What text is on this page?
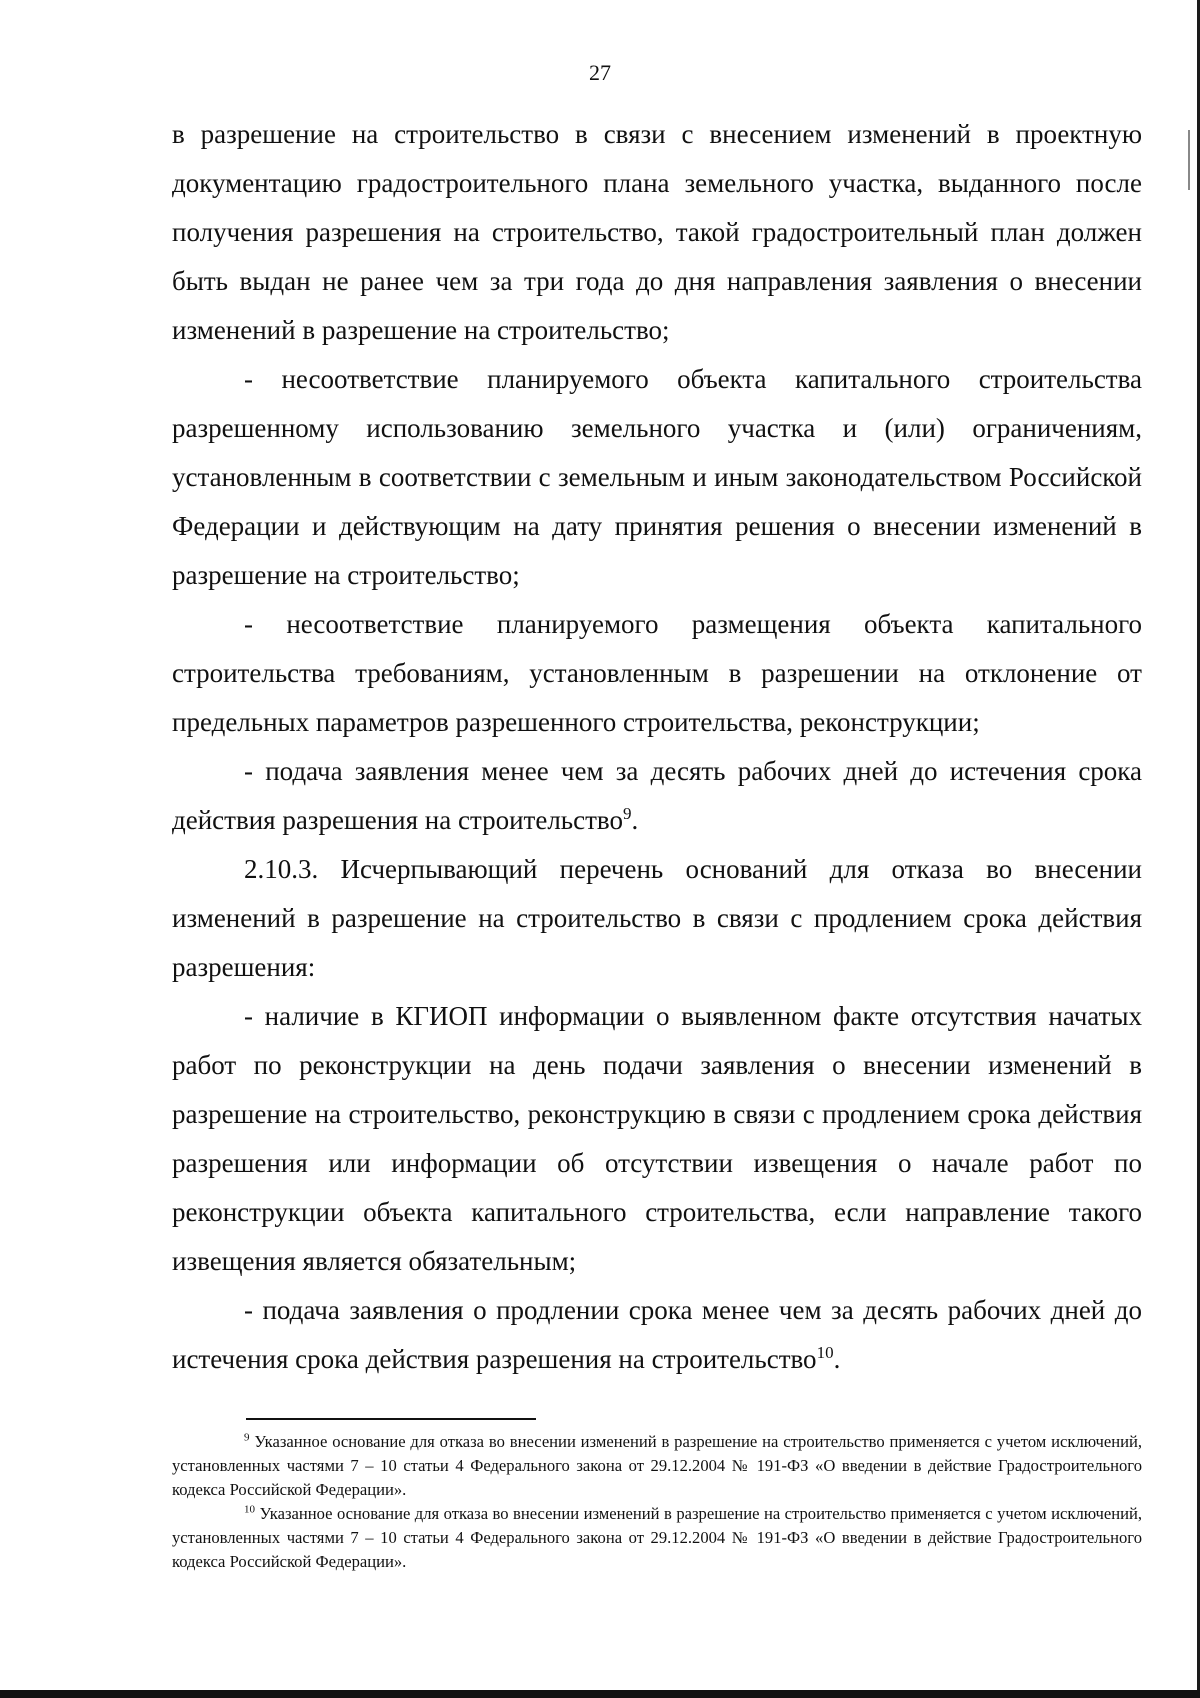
27

в разрешение на строительство в связи с внесением изменений в проектную документацию градостроительного плана земельного участка, выданного после получения разрешения на строительство, такой градостроительный план должен быть выдан не ранее чем за три года до дня направления заявления о внесении изменений в разрешение на строительство;

- несоответствие планируемого объекта капитального строительства разрешенному использованию земельного участка и (или) ограничениям, установленным в соответствии с земельным и иным законодательством Российской Федерации и действующим на дату принятия решения о внесении изменений в разрешение на строительство;

- несоответствие планируемого размещения объекта капитального строительства требованиям, установленным в разрешении на отклонение от предельных параметров разрешенного строительства, реконструкции;

- подача заявления менее чем за десять рабочих дней до истечения срока действия разрешения на строительство$^9$.

2.10.3. Исчерпывающий перечень оснований для отказа во внесении изменений в разрешение на строительство в связи с продлением срока действия разрешения:

- наличие в КГИОП информации о выявленном факте отсутствия начатых работ по реконструкции на день подачи заявления о внесении изменений в разрешение на строительство, реконструкцию в связи с продлением срока действия разрешения или информации об отсутствии извещения о начале работ по реконструкции объекта капитального строительства, если направление такого извещения является обязательным;

- подача заявления о продлении срока менее чем за десять рабочих дней до истечения срока действия разрешения на строительство$^{10}$.

$^9$ Указанное основание для отказа во внесении изменений в разрешение на строительство применяется с учетом исключений, установленных частями 7 – 10 статьи 4 Федерального закона от 29.12.2004 № 191-ФЗ «О введении в действие Градостроительного кодекса Российской Федерации».

$^{10}$ Указанное основание для отказа во внесении изменений в разрешение на строительство применяется с учетом исключений, установленных частями 7 – 10 статьи 4 Федерального закона от 29.12.2004 № 191-ФЗ «О введении в действие Градостроительного кодекса Российской Федерации».
